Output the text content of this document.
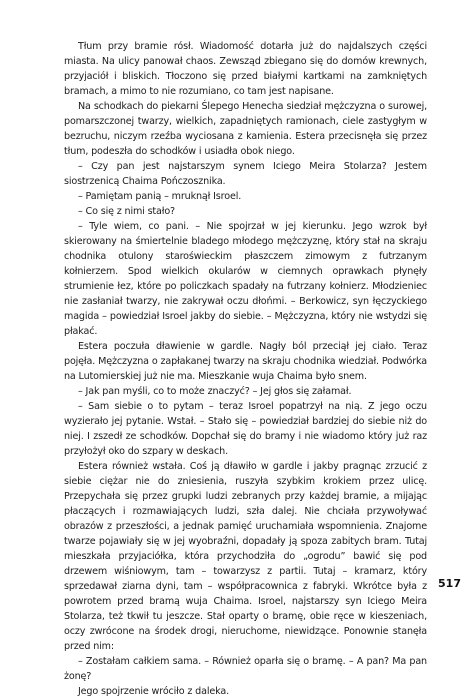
Tłum przy bramie rósł. Wiadomość dotarła już do najdalszych części miasta. Na ulicy panował chaos. Zewsząd zbiegano się do domów krewnych, przyjaciół i bliskich. Tłoczono się przed białymi kartkami na zamkniętych bramach, a mimo to nie rozumiano, co tam jest napisane.

Na schodkach do piekarni Ślepego Henecha siedział mężczyzna o surowej, pomarszczonej twarzy, wielkich, zapadniętych ramionach, ciele zastygłym w bezruchu, niczym rzeźba wyciosana z kamienia. Estera przecisnęła się przez tłum, podeszła do schodków i usiadła obok niego.

– Czy pan jest najstarszym synem Iciego Meira Stolarza? Jestem siostrzenicą Chaima Pończosznika.

– Pamiętam panią – mruknął Isroel.

– Co się z nimi stało?

– Tyle wiem, co pani. – Nie spojrzał w jej kierunku. Jego wzrok był skierowany na śmiertelnie bladego młodego mężczyznę, który stał na skraju chodnika otulony staroświeckim płaszczem zimowym z futrzanym kołnierzem. Spod wielkich okularów w ciemnych oprawkach płynęły strumienie łez, które po policzkach spadały na futrzany kołnierz. Młodzieniec nie zasłaniał twarzy, nie zakrywał oczu dłońmi. – Berkowicz, syn łęczyckiego magida – powiedział Isroel jakby do siebie. – Mężczyzna, który nie wstydzi się płakać.

Estera poczuła dławienie w gardle. Nagły ból przeciął jej ciało. Teraz pojęła. Mężczyzna o zapłakanej twarzy na skraju chodnika wiedział. Podwórka na Lutomierskiej już nie ma. Mieszkanie wuja Chaima było snem.

– Jak pan myśli, co to może znaczyć? – Jej głos się załamał.

– Sam siebie o to pytam – teraz Isroel popatrzył na nią. Z jego oczu wyzierało jej pytanie. Wstał. – Stało się – powiedział bardziej do siebie niż do niej. I zszedł ze schodków. Dopchał się do bramy i nie wiadomo który już raz przyłożył oko do szpary w deskach.

Estera również wstała. Coś ją dławiło w gardle i jakby pragnąc zrzucić z siebie ciężar nie do zniesienia, ruszyła szybkim krokiem przez ulicę. Przepychała się przez grupki ludzi zebranych przy każdej bramie, a mijając płaczących i rozmawiających ludzi, szła dalej. Nie chciała przywoływać obrazów z przeszłości, a jednak pamięć uruchamiała wspomnienia. Znajome twarze pojawiały się w jej wyobraźni, dopadały ją spoza zabitych bram. Tutaj mieszkała przyjaciółka, która przychodziła do „ogrodu” bawić się pod drzewem wiśniowym, tam – towarzysz z partii. Tutaj – kramarz, który sprzedawał ziarna dyni, tam – współpracownica z fabryki. Wkrótce była z powrotem przed bramą wuja Chaima. Isroel, najstarszy syn Iciego Meira Stolarza, też tkwił tu jeszcze. Stał oparty o bramę, obie ręce w kieszeniach, oczy zwrócone na środek drogi, nieruchome, niewidzące. Ponownie stanęła przed nim:

– Zostałam całkiem sama. – Również oparła się o bramę. – A pan? Ma pan żonę?

Jego spojrzenie wróciło z daleka.

517
